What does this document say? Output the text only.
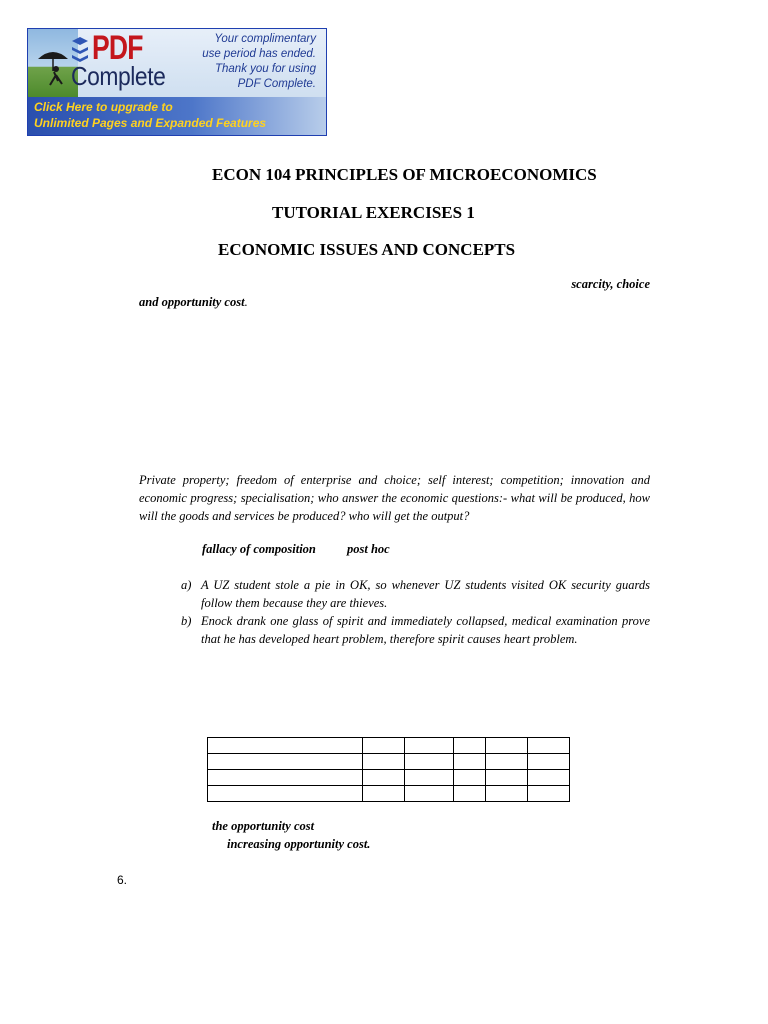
PDF
Complete
Your complimentary
use period has ended.
Thank you for using
PDF Complete.
Click Here to upgrade to
Unlimited Pages and Expanded Features
ECON 104 PRINCIPLES OF MICROECONOMICS
TUTORIAL EXERCISES 1
ECONOMIC ISSUES AND CONCEPTS
scarcity, choice
and opportunity cost.
Private property; freedom of enterprise and choice; self interest; competition; innovation and economic progress; specialisation; who answer the economic questions:- what will be produced, how will the goods and services be produced? who will get the output?
fallacy of composition post hoc
a) A UZ student stole a pie in OK, so whenever UZ students visited OK security guards follow them because they are thieves.
b) Enock drank one glass of spirit and immediately collapsed, medical examination prove that he has developed heart problem, therefore spirit causes heart problem.

the opportunity cost
increasing opportunity cost.
6.
